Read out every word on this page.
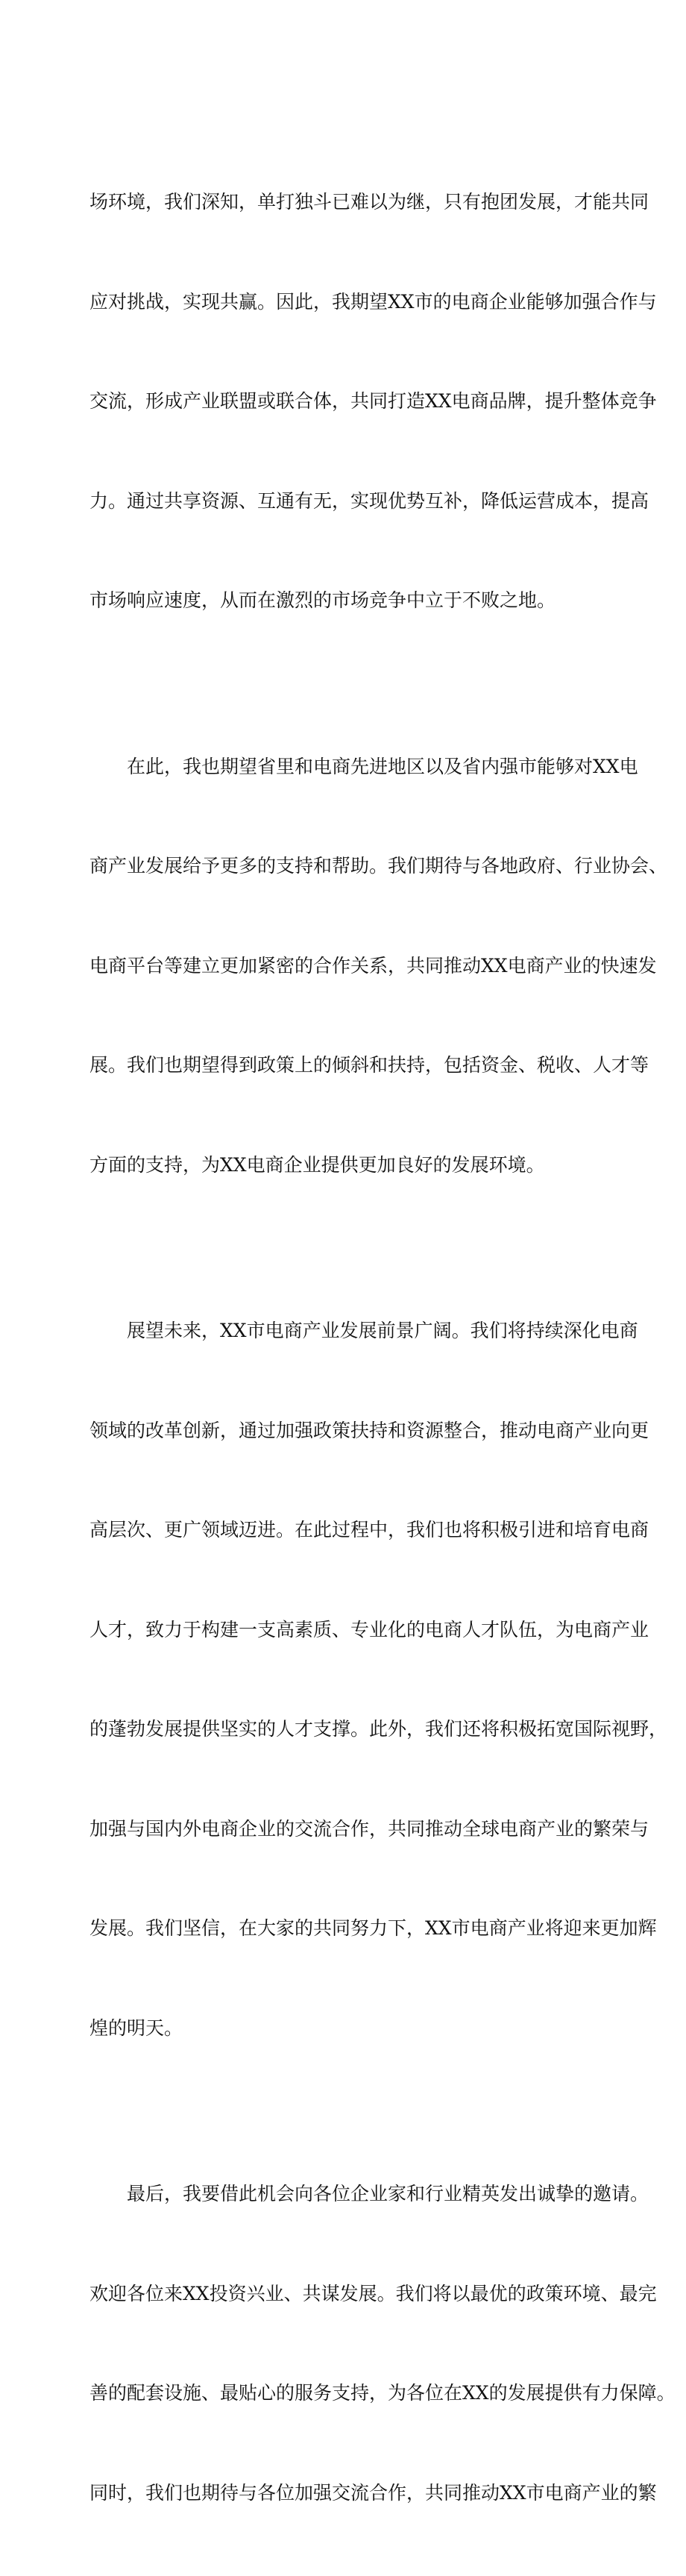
场环境，我们深知，单打独斗已难以为继，只有抱团发展，才能共同

应对挑战，实现共赢。因此，我期望XX市的电商企业能够加强合作与

交流，形成产业联盟或联合体，共同打造XX电商品牌，提升整体竞争

力。通过共享资源、互通有无，实现优势互补，降低运营成本，提高

市场响应速度，从而在激烈的市场竞争中立于不败之地。

在此，我也期望省里和电商先进地区以及省内强市能够对XX电

商产业发展给予更多的支持和帮助。我们期待与各地政府、行业协会、

电商平台等建立更加紧密的合作关系，共同推动XX电商产业的快速发

展。我们也期望得到政策上的倾斜和扶持，包括资金、税收、人才等

方面的支持，为XX电商企业提供更加良好的发展环境。

展望未来，XX市电商产业发展前景广阔。我们将持续深化电商

领域的改革创新，通过加强政策扶持和资源整合，推动电商产业向更

高层次、更广领域迈进。在此过程中，我们也将积极引进和培育电商

人才，致力于构建一支高素质、专业化的电商人才队伍，为电商产业

的蓬勃发展提供坚实的人才支撑。此外，我们还将积极拓宽国际视野，

加强与国内外电商企业的交流合作，共同推动全球电商产业的繁荣与

发展。我们坚信，在大家的共同努力下，XX市电商产业将迎来更加辉

煌的明天。

最后，我要借此机会向各位企业家和行业精英发出诚挚的邀请。

欢迎各位来XX投资兴业、共谋发展。我们将以最优的政策环境、最完

善的配套设施、最贴心的服务支持，为各位在XX的发展提供有力保障。

同时，我们也期待与各位加强交流合作，共同推动XX市电商产业的繁
